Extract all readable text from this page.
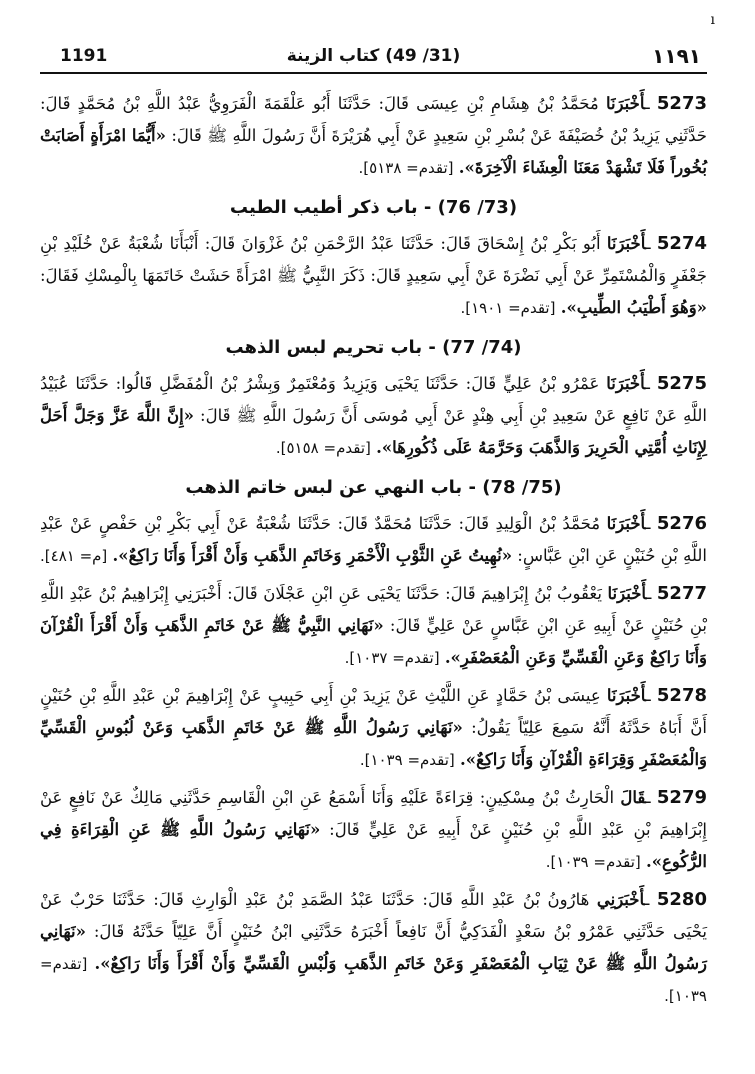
ı
1191	(31/ 49) كتاب الزينة	١١٩١

5273 ـأَخْبَرَنَا مُحَمَّدُ بْنُ هِشَامِ بْنِ عِيسَى قَالَ: حَدَّثَنَا أَبُو عَلْقَمَةَ الْفَرَوِيُّ عَبْدُ اللَّهِ بْنُ مُحَمَّدٍ قَالَ: حَدَّثَنِي يَزِيدُ بْنُ خُصَيْفَةَ عَنْ بُسْرِ بْنِ سَعِيدٍ عَنْ أَبِي هُرَيْرَةَ أَنَّ رَسُولَ اللَّهِ ﷺ قَالَ: «أَيُّمَا امْرَأَةٍ أَصَابَتْ بُخُوراً فَلَا تَشْهَدْ مَعَنَا الْعِشَاءَ الْآخِرَةَ». [تقدم= ٥١٣٨].

(73/ 76) - باب ذكر أطيب الطيب

5274 ـأَخْبَرَنَا أَبُو بَكْرِ بْنُ إِسْحَاقَ قَالَ: حَدَّثَنَا عَبْدُ الرَّحْمَنِ بْنُ غَزْوَانَ قَالَ: أَنْبَأَنَا شُعْبَةُ عَنْ خُلَيْدِ بْنِ جَعْفَرٍ وَالْمُسْتَمِرِّ عَنْ أَبِي نَضْرَةَ عَنْ أَبِي سَعِيدٍ قَالَ: ذَكَرَ النَّبِيُّ ﷺ امْرَأَةً حَشَتْ خَاتَمَهَا بِالْمِسْكِ فَقَالَ: «وَهُوَ أَطْيَبُ الطِّيبِ». [تقدم= ١٩٠١].

(74/ 77) - باب تحريم لبس الذهب

5275 ـأَخْبَرَنَا عَمْرُو بْنُ عَلِيٍّ قَالَ: حَدَّثَنَا يَحْيَى وَيَزِيدُ وَمُعْتَمِرٌ وَبِشْرُ بْنُ الْمُفَضَّلِ قَالُوا: حَدَّثَنَا عُبَيْدُ اللَّهِ عَنْ نَافِعٍ عَنْ سَعِيدِ بْنِ أَبِي هِنْدٍ عَنْ أَبِي مُوسَى أَنَّ رَسُولَ اللَّهِ ﷺ قَالَ: «إِنَّ اللَّهَ عَزَّ وَجَلَّ أَحَلَّ لِإِنَاثِ أُمَّتِي الْحَرِيرَ وَالذَّهَبَ وَحَرَّمَهُ عَلَى ذُكُورِهَا». [تقدم= ٥١٥٨].

(75/ 78) - باب النهي عن لبس خاتم الذهب

5276 ـأَخْبَرَنَا مُحَمَّدُ بْنُ الْوَلِيدِ قَالَ: حَدَّثَنَا مُحَمَّدٌ قَالَ: حَدَّثَنَا شُعْبَةُ عَنْ أَبِي بَكْرِ بْنِ حَفْصٍ عَنْ عَبْدِ اللَّهِ بْنِ حُنَيْنٍ عَنِ ابْنِ عَبَّاسٍ: «نُهِيتُ عَنِ الثَّوْبِ الْأَحْمَرِ وَخَاتَمِ الذَّهَبِ وَأَنْ أَقْرَأَ وَأَنَا رَاكِعٌ». [م= ٤٨١].

5277 ـأَخْبَرَنَا يَعْقُوبُ بْنُ إِبْرَاهِيمَ قَالَ: حَدَّثَنَا يَحْيَى عَنِ ابْنِ عَجْلَانَ قَالَ: أَخْبَرَنِي إِبْرَاهِيمُ بْنُ عَبْدِ اللَّهِ بْنِ حُنَيْنٍ عَنْ أَبِيهِ عَنِ ابْنِ عَبَّاسٍ عَنْ عَلِيٍّ قَالَ: «نَهَانِي النَّبِيُّ ﷺ عَنْ خَاتَمِ الذَّهَبِ وَأَنْ أَقْرَأَ الْقُرْآنَ وَأَنَا رَاكِعٌ وَعَنِ الْقَسِّيِّ وَعَنِ الْمُعَصْفَرِ». [تقدم= ١٠٣٧].

5278 ـأَخْبَرَنَا عِيسَى بْنُ حَمَّادٍ عَنِ اللَّيْثِ عَنْ يَزِيدَ بْنِ أَبِي حَبِيبٍ عَنْ إِبْرَاهِيمَ بْنِ عَبْدِ اللَّهِ بْنِ حُنَيْنٍ أَنَّ أَبَاهُ حَدَّثَهُ أَنَّهُ سَمِعَ عَلِيّاً يَقُولُ: «نَهَانِي رَسُولُ اللَّهِ ﷺ عَنْ خَاتَمِ الذَّهَبِ وَعَنْ لُبُوسِ الْقَسِّيِّ وَالْمُعَصْفَرِ وَقِرَاءَةِ الْقُرْآنِ وَأَنَا رَاكِعٌ». [تقدم= ١٠٣٩].

5279 ـقَالَ الْحَارِثُ بْنُ مِسْكِينٍ: قِرَاءَةً عَلَيْهِ وَأَنَا أَسْمَعُ عَنِ ابْنِ الْقَاسِمِ حَدَّثَنِي مَالِكٌ عَنْ نَافِعٍ عَنْ إِبْرَاهِيمَ بْنِ عَبْدِ اللَّهِ بْنِ حُنَيْنٍ عَنْ أَبِيهِ عَنْ عَلِيٍّ قَالَ: «نَهَانِي رَسُولُ اللَّهِ ﷺ عَنِ الْقِرَاءَةِ فِي الرُّكُوعِ». [تقدم= ١٠٣٩].

5280 ـأَخْبَرَنِي هَارُونُ بْنُ عَبْدِ اللَّهِ قَالَ: حَدَّثَنَا عَبْدُ الصَّمَدِ بْنُ عَبْدِ الْوَارِثِ قَالَ: حَدَّثَنَا حَرْبٌ عَنْ يَحْيَى حَدَّثَنِي عَمْرُو بْنُ سَعْدٍ الْفَدَكِيُّ أَنَّ نَافِعاً أَخْبَرَهُ حَدَّثَنِي ابْنُ حُنَيْنٍ أَنَّ عَلِيّاً حَدَّثَهُ قَالَ: «نَهَانِي رَسُولُ اللَّهِ ﷺ عَنْ ثِيَابِ الْمُعَصْفَرِ وَعَنْ خَاتَمِ الذَّهَبِ وَلُبْسِ الْقَسِّيِّ وَأَنْ أَقْرَأَ وَأَنَا رَاكِعٌ». [تقدم= ١٠٣٩].
